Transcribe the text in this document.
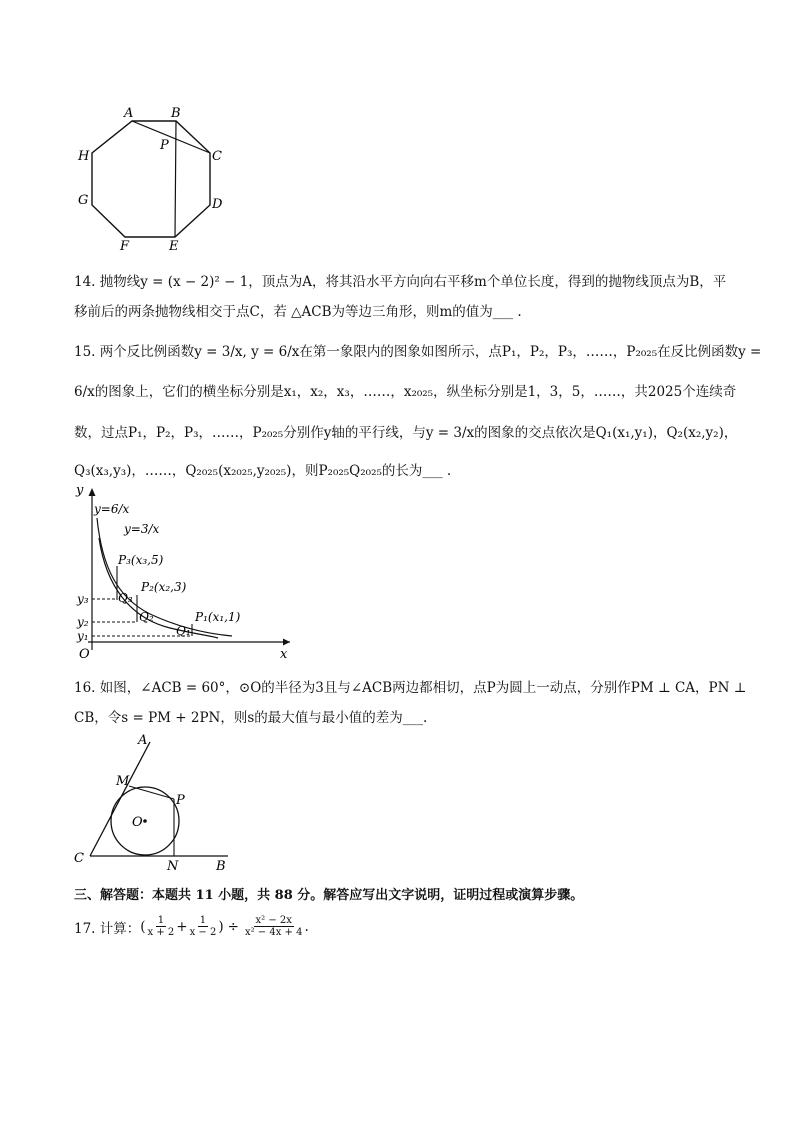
A	B
C
D
E
F
G
H
P
14. 抛物线y = (x − 2)² − 1，顶点为A，将其沿水平方向向右平移m个单位长度，得到的抛物线顶点为B，平
移前后的两条抛物线相交于点C，若 △ACB为等边三角形，则m的值为___ .
15. 两个反比例函数y = 3/x, y = 6/x在第一象限内的图象如图所示，点P₁，P₂，P₃，……，P₂₀₂₅在反比例函数y =
6/x的图象上，它们的横坐标分别是x₁，x₂，x₃，……，x₂₀₂₅，纵坐标分别是1，3，5，……，共2025个连续奇
数，过点P₁，P₂，P₃，……，P₂₀₂₅分别作y轴的平行线，与y = 3/x的图象的交点依次是Q₁(x₁,y₁)，Q₂(x₂,y₂)，
Q₃(x₃,y₃)，……，Q₂₀₂₅(x₂₀₂₅,y₂₀₂₅)，则P₂₀₂₅Q₂₀₂₅的长为___ .
y
x
O
y=6/x
y=3/x
P₃(x₃,5)
P₂(x₂,3)
P₁(x₁,1)
Q₃
Q₂
Q₁
y₃
y₂
y₁
16. 如图，∠ACB = 60°，⊙O的半径为3且与∠ACB两边都相切，点P为圆上一动点，分别作PM ⊥ CA，PN ⊥
CB，令s = PM + 2PN，则s的最大值与最小值的差为___.
A
M
P
O
C
N	B
三、解答题：本题共 11 小题，共 88 分。解答应写出文字说明，证明过程或演算步骤。
17. 计算： ( $\frac{1}{x + 2} + \frac{1}{x - 2}$ ) ÷ $\frac{\text{x² − 2x}}{\text{x² − 4x + 4}}$ .
